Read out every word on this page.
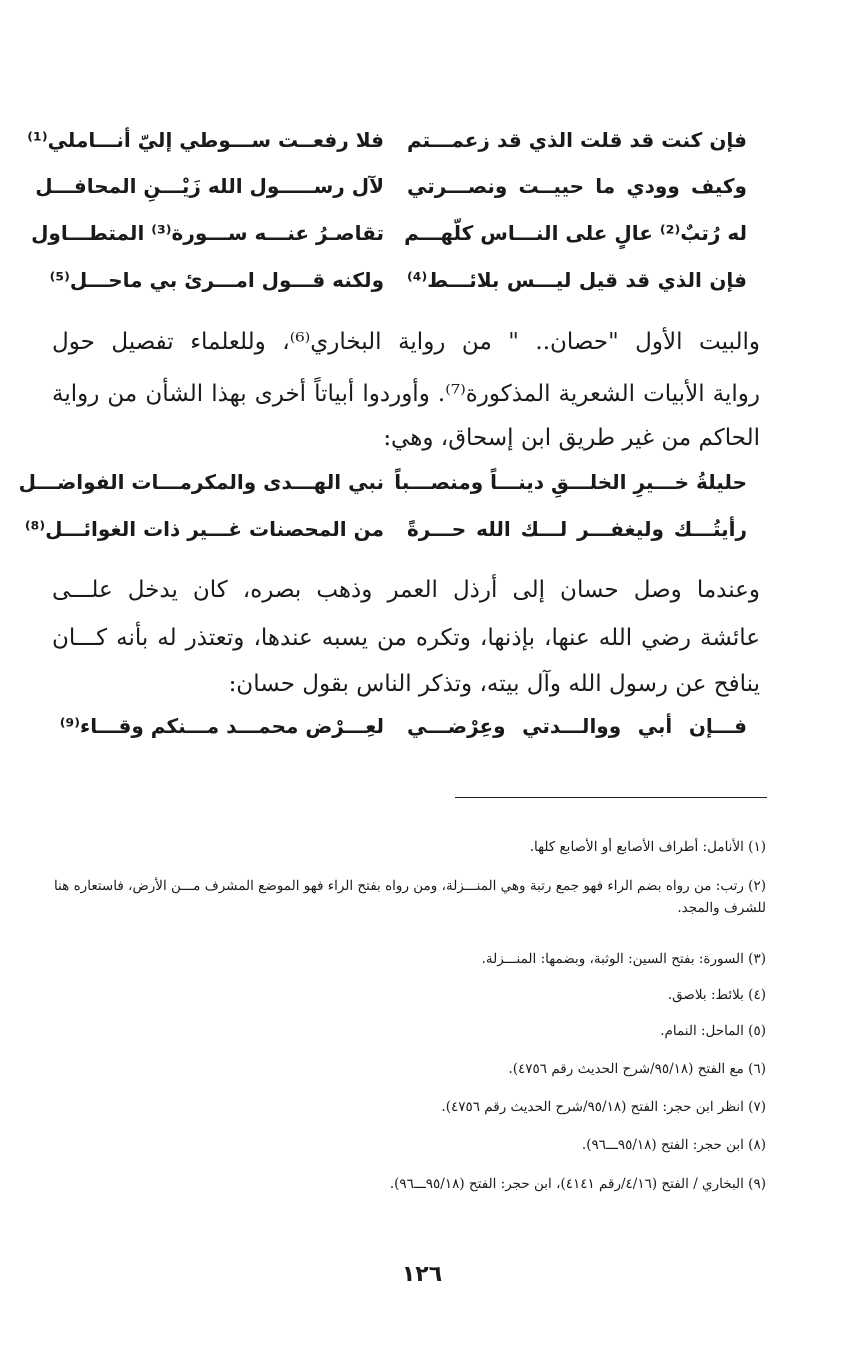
فإن كنت قد قلت الذي قد زعمـــتم
فلا رفعــت ســـوطي إليّ أنـــاملي⁽¹⁾
وكيف وودي ما حييــت ونصـــرتي
لآل رســـــول الله زَيْـــنِ المحافـــل
له رُتبٌ⁽²⁾ عالٍ على النـــاس كلّهـــم
تقاصـرُ عنـــه ســـورة⁽³⁾ المتطـــاول
فإن الذي قد قيل ليـــس بلائـــط⁽⁴⁾
ولكنه قـــول امـــرئ بي ماحـــل⁽⁵⁾
والبيت الأول "حصان.. " من رواية البخاري⁽⁶⁾، وللعلماء تفصيل حول
رواية الأبيات الشعرية المذكورة⁽⁷⁾. وأوردوا أبياتاً أخرى بهذا الشأن من رواية
الحاكم من غير طريق ابن إسحاق، وهي:
حليلةُ خـــيرِ الخلـــقِ دينـــاً ومنصـــباً
نبي الهـــدى والمكرمـــات الفواضـــل
رأيتُـــك وليغفـــر لـــك الله حـــرةً
من المحصنات غـــير ذات الغوائـــل⁽⁸⁾
وعندما وصل حسان إلى أرذل العمر وذهب بصره، كان يدخل علـــى
عائشة رضي الله عنها، بإذنها، وتكره من يسبه عندها، وتعتذر له بأنه كـــان
ينافح عن رسول الله وآل بيته، وتذكر الناس بقول حسان:
فـــإن أبي ووالـــدتي وعِرْضـــي
لعِـــرْض محمـــد مـــنكم وقـــاء⁽⁹⁾
(١) الأنامل: أطراف الأصابع أو الأصابع كلها.
(٢) رتب: من رواه بضم الراء فهو جمع رتبة وهي المنـــزلة، ومن رواه بفتح الراء فهو الموضع المشرف مـــن الأرض، فاستعاره هنا للشرف والمجد.
(٣) السورة: بفتح السين: الوثبة، وبضمها: المنـــزلة.
(٤) بلائط: بلاصق.
(٥) الماحل: النمام.
(٦) مع الفتح (٩٥/١٨/شرح الحديث رقم ٤٧٥٦).
(٧) انظر ابن حجر: الفتح (٩٥/١٨/شرح الحديث رقم ٤٧٥٦).
(٨) ابن حجر: الفتح (٩٥/١٨ـــ٩٦).
(٩) البخاري / الفتح (٤/١٦/رقم ٤١٤١)، ابن حجر: الفتح (٩٥/١٨ـــ٩٦).
١٢٦
